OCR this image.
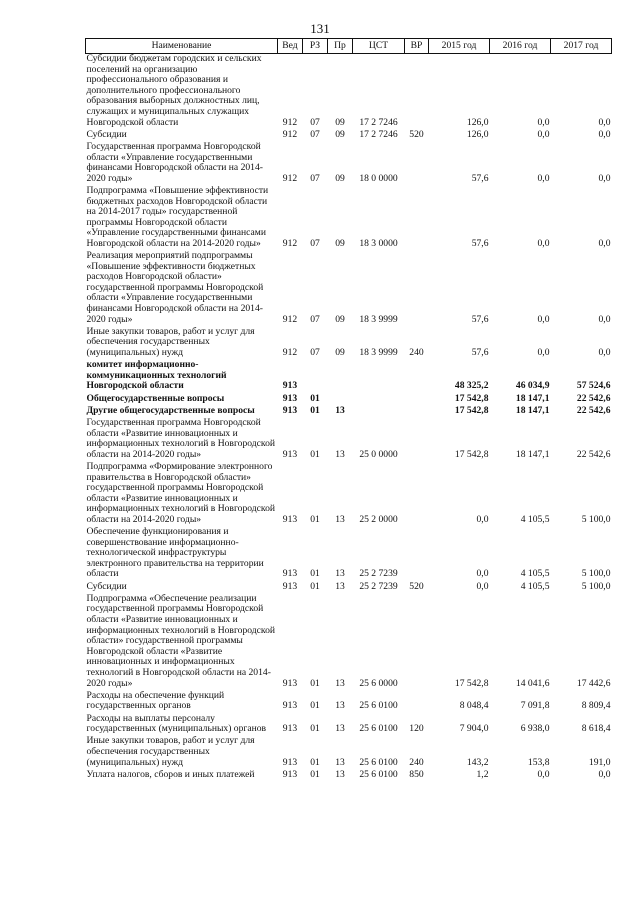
131
Наименование	Вед	РЗ	Пр	ЦСТ	ВР	2015 год	2016 год	2017 год
Субсидии бюджетам городских и сельских поселений на организацию профессионального образования и дополнительного профессионального образования выборных должностных лиц, служащих и муниципальных служащих Новгородской области	912	07	09	17 2 7246		126,0	0,0	0,0
Субсидии	912	07	09	17 2 7246	520	126,0	0,0	0,0
Государственная программа Новгородской области «Управление государственными финансами Новгородской области на 2014-2020 годы»	912	07	09	18 0 0000		57,6	0,0	0,0
Подпрограмма «Повышение эффективности бюджетных расходов Новгородской области на 2014-2017 годы» государственной программы Новгородской области «Управление государственными финансами Новгородской области на 2014-2020 годы»	912	07	09	18 3 0000		57,6	0,0	0,0
Реализация мероприятий подпрограммы «Повышение эффективности бюджетных расходов Новгородской области» государственной программы Новгородской области «Управление государственными финансами Новгородской области на 2014-2020 годы»	912	07	09	18 3 9999		57,6	0,0	0,0
Иные закупки товаров, работ и услуг для обеспечения государственных (муниципальных) нужд	912	07	09	18 3 9999	240	57,6	0,0	0,0
комитет информационно-коммуникационных технологий Новгородской области	913					48 325,2	46 034,9	57 524,6
Общегосударственные вопросы	913	01				17 542,8	18 147,1	22 542,6
Другие общегосударственные вопросы	913	01	13			17 542,8	18 147,1	22 542,6
Государственная программа Новгородской области «Развитие инновационных и информационных технологий в Новгородской области на 2014-2020 годы»	913	01	13	25 0 0000		17 542,8	18 147,1	22 542,6
Подпрограмма «Формирование электронного правительства в Новгородской области» государственной программы Новгородской области «Развитие инновационных и информационных технологий в Новгородской области на 2014-2020 годы»	913	01	13	25 2 0000		0,0	4 105,5	5 100,0
Обеспечение функционирования и совершенствование информационно-технологической инфраструктуры электронного правительства на территории области	913	01	13	25 2 7239		0,0	4 105,5	5 100,0
Субсидии	913	01	13	25 2 7239	520	0,0	4 105,5	5 100,0
Подпрограмма «Обеспечение реализации государственной программы Новгородской области «Развитие инновационных и информационных технологий в Новгородской области» государственной программы Новгородской области «Развитие инновационных и информационных технологий в Новгородской области на 2014-2020 годы»	913	01	13	25 6 0000		17 542,8	14 041,6	17 442,6
Расходы на обеспечение функций государственных органов	913	01	13	25 6 0100		8 048,4	7 091,8	8 809,4
Расходы на выплаты персоналу государственных (муниципальных) органов	913	01	13	25 6 0100	120	7 904,0	6 938,0	8 618,4
Иные закупки товаров, работ и услуг для обеспечения государственных (муниципальных) нужд	913	01	13	25 6 0100	240	143,2	153,8	191,0
Уплата налогов, сборов и иных платежей	913	01	13	25 6 0100	850	1,2	0,0	0,0
